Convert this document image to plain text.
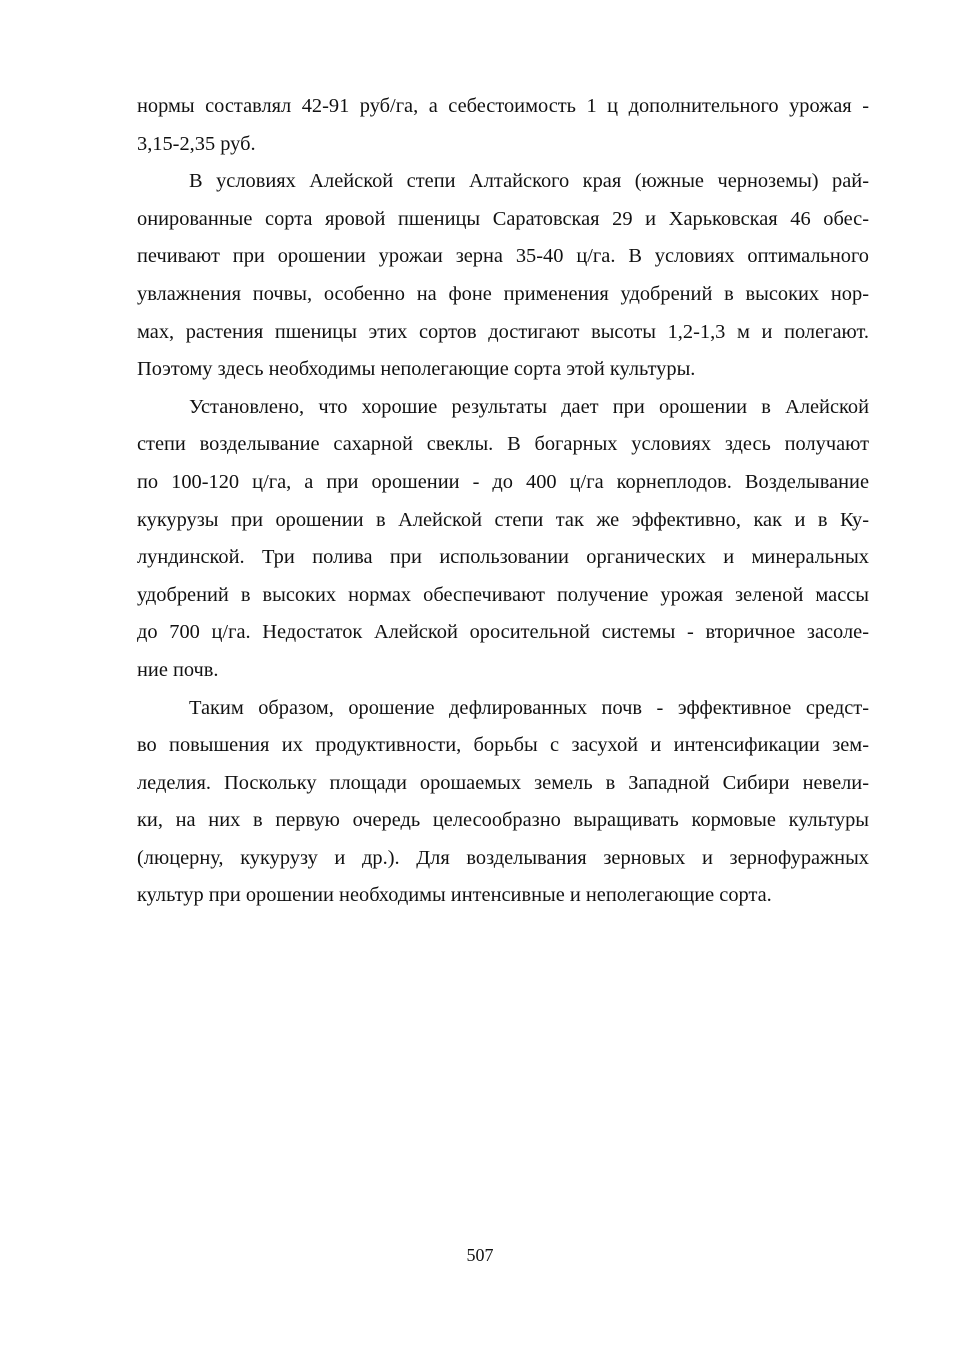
нормы составлял 42-91 руб/га, а себестоимость 1 ц дополнительного урожая -
3,15-2,35 руб.
В условиях Алейской степи Алтайского края (южные черноземы) рай-
онированные сорта яровой пшеницы Саратовская 29 и Харьковская 46 обес-
печивают при орошении урожаи зерна 35-40 ц/га. В условиях оптимального
увлажнения почвы, особенно на фоне применения удобрений в высоких нор-
мах, растения пшеницы этих сортов достигают высоты 1,2-1,3 м и полегают.
Поэтому здесь необходимы неполегающие сорта этой культуры.
Установлено, что хорошие результаты дает при орошении в Алейской
степи возделывание сахарной свеклы. В богарных условиях здесь получают
по 100-120 ц/га, а при орошении - до 400 ц/га корнеплодов. Возделывание
кукурузы при орошении в Алейской степи так же эффективно, как и в Ку-
лундинской. Три полива при использовании органических и минеральных
удобрений в высоких нормах обеспечивают получение урожая зеленой массы
до 700 ц/га. Недостаток Алейской оросительной системы - вторичное засоле-
ние почв.
Таким образом, орошение дефлированных почв - эффективное средст-
во повышения их продуктивности, борьбы с засухой и интенсификации зем-
леделия. Поскольку площади орошаемых земель в Западной Сибири невели-
ки, на них в первую очередь целесообразно выращивать кормовые культуры
(люцерну, кукурузу и др.). Для возделывания зерновых и зернофуражных
культур при орошении необходимы интенсивные и неполегающие сорта.
507
